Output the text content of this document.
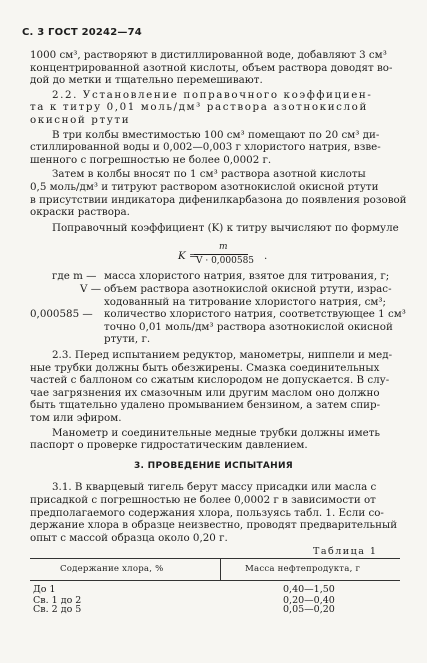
С. 3 ГОСТ 20242—74
1000 см³, растворяют в дистиллированной воде, добавляют 3 см³
концентрированной азотной кислоты, объем раствора доводят во-
дой до метки и тщательно перемешивают.
2.2. Установление поправочного коэффициен-
та к титру 0,01 моль/дм³ раствора азотнокислой
окисной ртути
В три колбы вместимостью 100 см³ помещают по 20 см³ ди-
стиллированной воды и 0,002—0,003 г хлористого натрия, взве-
шенного с погрешностью не более 0,0002 г.
Затем в колбы вносят по 1 см³ раствора азотной кислоты
0,5 моль/дм³ и титруют раствором азотнокислой окисной ртути
в присутствии индикатора дифенилкарбазона до появления розовой
окраски раствора.
Поправочный коэффициент (K) к титру вычисляют по формуле
K =
m
V · 0,000585 .
где m — масса хлористого натрия, взятое для титрования, г;
V — объем раствора азотнокислой окисной ртути, израс-
ходованный на титрование хлористого натрия, см³;
0,000585 — количество хлористого натрия, соответствующее 1 см³
точно 0,01 моль/дм³ раствора азотнокислой окисной
ртути, г.
2.3. Перед испытанием редуктор, манометры, ниппели и мед-
ные трубки должны быть обезжирены. Смазка соединительных
частей с баллоном со сжатым кислородом не допускается. В слу-
чае загрязнения их смазочным или другим маслом оно должно
быть тщательно удалено промыванием бензином, а затем спир-
том или эфиром.
Манометр и соединительные медные трубки должны иметь
паспорт о проверке гидростатическим давлением.
3. ПРОВЕДЕНИЕ ИСПЫТАНИЯ
3.1. В кварцевый тигель берут массу присадки или масла с
присадкой с погрешностью не более 0,0002 г в зависимости от
предполагаемого содержания хлора, пользуясь табл. 1. Если со-
держание хлора в образце неизвестно, проводят предварительный
опыт с массой образца около 0,20 г.
Таблица 1
Содержание хлора, %	Масса нефтепродукта, г
До 1	0,40—1,50
Св. 1 до 2	0,20—0,40
Св. 2 до 5	0,05—0,20
